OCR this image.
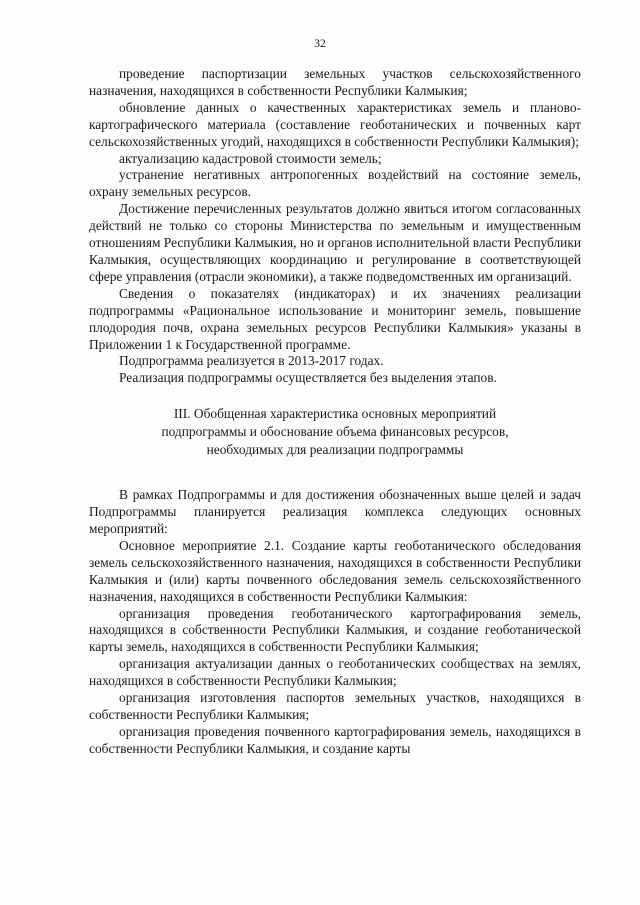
32

проведение паспортизации земельных участков сельскохозяйственного назначения, находящихся в собственности Республики Калмыкия;

обновление данных о качественных характеристиках земель и планово-картографического материала (составление геоботанических и почвенных карт сельскохозяйственных угодий, находящихся в собственности Республики Калмыкия);

актуализацию кадастровой стоимости земель;

устранение негативных антропогенных воздействий на состояние земель, охрану земельных ресурсов.

Достижение перечисленных результатов должно явиться итогом согласованных действий не только со стороны Министерства по земельным и имущественным отношениям Республики Калмыкия, но и органов исполнительной власти Республики Калмыкия, осуществляющих координацию и регулирование в соответствующей сфере управления (отрасли экономики), а также подведомственных им организаций.

Сведения о показателях (индикаторах) и их значениях реализации подпрограммы «Рациональное использование и мониторинг земель, повышение плодородия почв, охрана земельных ресурсов Республики Калмыкия» указаны в Приложении 1 к Государственной программе.

Подпрограмма реализуется в 2013-2017 годах.

Реализация подпрограммы осуществляется без выделения этапов.

III. Обобщенная характеристика основных мероприятий
подпрограммы и обоснование объема финансовых ресурсов,
необходимых для реализации подпрограммы

В рамках Подпрограммы и для достижения обозначенных выше целей и задач Подпрограммы планируется реализация комплекса следующих основных мероприятий:

Основное мероприятие 2.1. Создание карты геоботанического обследования земель сельскохозяйственного назначения, находящихся в собственности Республики Калмыкия и (или) карты почвенного обследования земель сельскохозяйственного назначения, находящихся в собственности Республики Калмыкия:

организация проведения геоботанического картографирования земель, находящихся в собственности Республики Калмыкия, и создание геоботанической карты земель, находящихся в собственности Республики Калмыкия;

организация актуализации данных о геоботанических сообществах на землях, находящихся в собственности Республики Калмыкия;

организация изготовления паспортов земельных участков, находящихся в собственности Республики Калмыкия;

организация проведения почвенного картографирования земель, находящихся в собственности Республики Калмыкия, и создание карты
